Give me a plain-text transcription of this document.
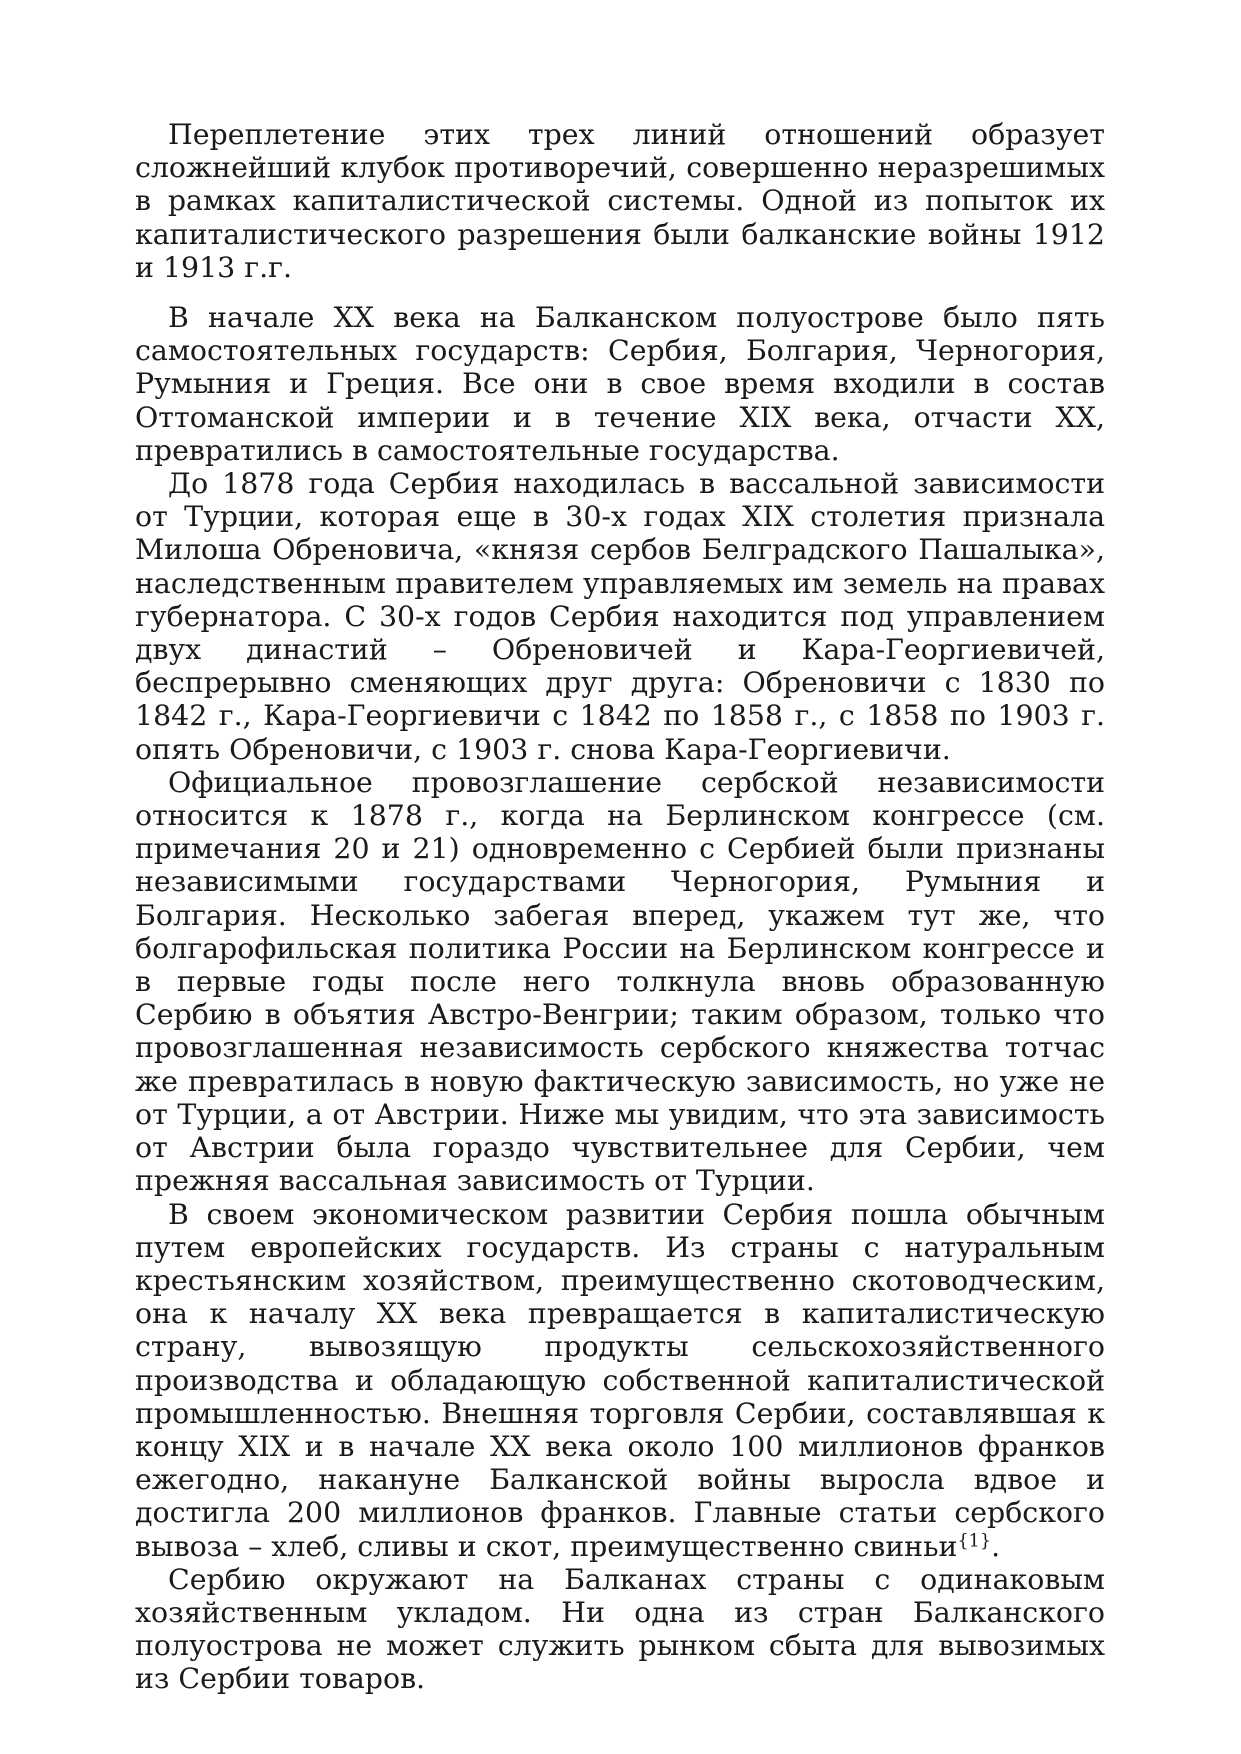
Переплетение этих трех линий отношений образует сложнейший клубок противоречий, совершенно неразрешимых в рамках капиталистической системы. Одной из попыток их капиталистического разрешения были балканские войны 1912 и 1913 г.г.

В начале XX века на Балканском полуострове было пять самостоятельных государств: Сербия, Болгария, Черногория, Румыния и Греция. Все они в свое время входили в состав Оттоманской империи и в течение XIX века, отчасти XX, превратились в самостоятельные государства.

До 1878 года Сербия находилась в вассальной зависимости от Турции, которая еще в 30-х годах XIX столетия признала Милоша Обреновича, «князя сербов Белградского Пашалыка», наследственным правителем управляемых им земель на правах губернатора. С 30-х годов Сербия находится под управлением двух династий – Обреновичей и Кара-Георгиевичей, беспрерывно сменяющих друг друга: Обреновичи с 1830 по 1842 г., Кара-Георгиевичи с 1842 по 1858 г., с 1858 по 1903 г. опять Обреновичи, с 1903 г. снова Кара-Георгиевичи.

Официальное провозглашение сербской независимости относится к 1878 г., когда на Берлинском конгрессе (см. примечания 20 и 21) одновременно с Сербией были признаны независимыми государствами Черногория, Румыния и Болгария. Несколько забегая вперед, укажем тут же, что болгарофильская политика России на Берлинском конгрессе и в первые годы после него толкнула вновь образованную Сербию в объятия Австро-Венгрии; таким образом, только что провозглашенная независимость сербского княжества тотчас же превратилась в новую фактическую зависимость, но уже не от Турции, а от Австрии. Ниже мы увидим, что эта зависимость от Австрии была гораздо чувствительнее для Сербии, чем прежняя вассальная зависимость от Турции.

В своем экономическом развитии Сербия пошла обычным путем европейских государств. Из страны с натуральным крестьянским хозяйством, преимущественно скотоводческим, она к началу XX века превращается в капиталистическую страну, вывозящую продукты сельскохозяйственного производства и обладающую собственной капиталистической промышленностью. Внешняя торговля Сербии, составлявшая к концу XIX и в начале XX века около 100 миллионов франков ежегодно, накануне Балканской войны выросла вдвое и достигла 200 миллионов франков. Главные статьи сербского вывоза – хлеб, сливы и скот, преимущественно свиньи$^{\{1\}}$.

Сербию окружают на Балканах страны с одинаковым хозяйственным укладом. Ни одна из стран Балканского полуострова не может служить рынком сбыта для вывозимых из Сербии товаров.
